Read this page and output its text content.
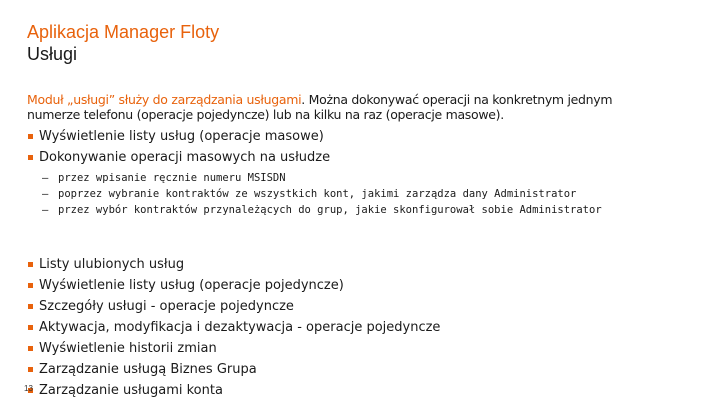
Aplikacja Manager Floty
Usługi
Moduł „usługi” służy do zarządzania usługami. Można dokonywać operacji na konkretnym jednym numerze telefonu (operacje pojedyncze) lub na kilku na raz (operacje masowe).
Wyświetlenie listy usług (operacje masowe)
Dokonywanie operacji masowych na usłudze
– przez wpisanie ręcznie numeru MSISDN
– poprzez wybranie kontraktów ze wszystkich kont, jakimi zarządza dany Administrator
– przez wybór kontraktów przynależących do grup, jakie skonfigurował sobie Administrator
Listy ulubionych usług
Wyświetlenie listy usług (operacje pojedyncze)
Szczegóły usługi - operacje pojedyncze
Aktywacja, modyfikacja i dezaktywacja - operacje pojedyncze
Wyświetlenie historii zmian
Zarządzanie usługą Biznes Grupa
Zarządzanie usługami konta
13
